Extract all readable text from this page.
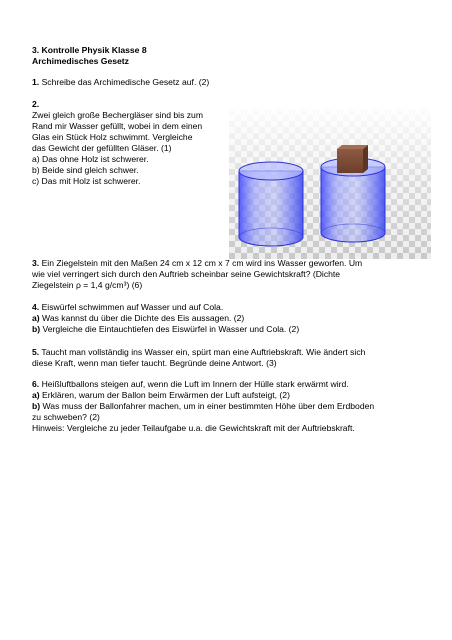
3. Kontrolle Physik Klasse 8
Archimedisches Gesetz
1. Schreibe das Archimedische Gesetz auf. (2)
2.
Zwei gleich große Bechergläser sind bis zum
Rand mir Wasser gefüllt, wobei in dem einen
Glas ein Stück Holz schwimmt. Vergleiche
das Gewicht der gefüllten Gläser. (1)
a) Das ohne Holz ist schwerer.
b) Beide sind gleich schwer.
c) Das mit Holz ist schwerer.
3. Ein Ziegelstein mit den Maßen 24 cm x 12 cm x 7 cm wird ins Wasser geworfen. Um
wie viel verringert sich durch den Auftrieb scheinbar seine Gewichtskraft? (Dichte
Ziegelstein ρ = 1,4 g/cm³) (6)
4. Eiswürfel schwimmen auf Wasser und auf Cola.
a) Was kannst du über die Dichte des Eis aussagen. (2)
b) Vergleiche die Eintauchtiefen des Eiswürfel in Wasser und Cola. (2)
5. Taucht man vollständig ins Wasser ein, spürt man eine Auftriebskraft. Wie ändert sich
diese Kraft, wenn man tiefer taucht. Begründe deine Antwort. (3)
6. Heißluftballons steigen auf, wenn die Luft im Innern der Hülle stark erwärmt wird.
a) Erklären, warum der Ballon beim Erwärmen der Luft aufsteigt, (2)
b) Was muss der Ballonfahrer machen, um in einer bestimmten Höhe über dem Erdboden
zu schweben? (2)
Hinweis: Vergleiche zu jeder Teilaufgabe u.a. die Gewichtskraft mit der Auftriebskraft.
